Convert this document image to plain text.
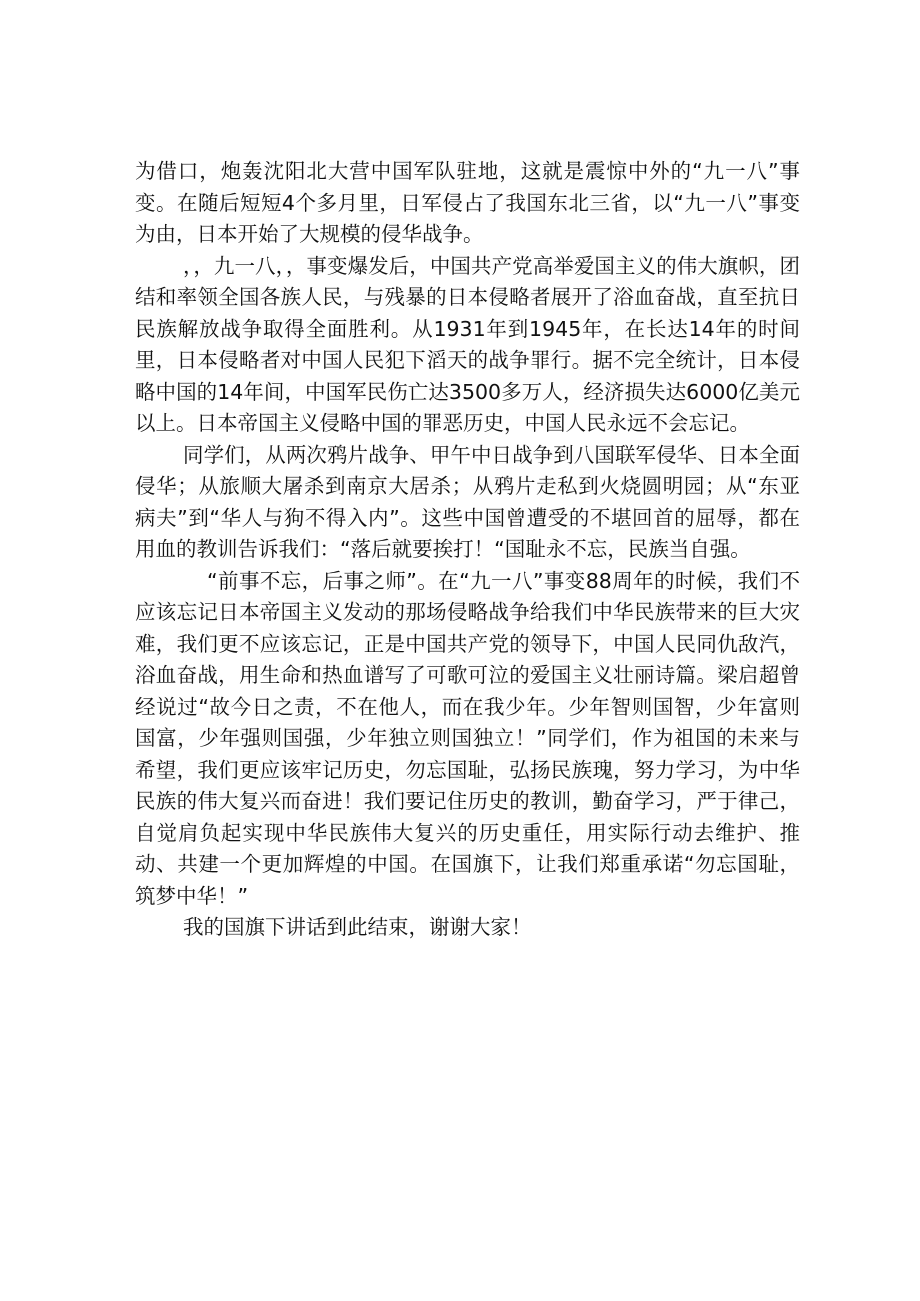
为借口，炮轰沈阳北大营中国军队驻地，这就是震惊中外的“九一八”事变。在随后短短4个多月里，日军侵占了我国东北三省，以“九一八”事变为由，日本开始了大规模的侵华战争。

，，九一八，，事变爆发后，中国共产党高举爱国主义的伟大旗帜，团结和率领全国各族人民，与残暴的日本侵略者展开了浴血奋战，直至抗日民族解放战争取得全面胜利。从1931年到1945年，在长达14年的时间里，日本侵略者对中国人民犯下滔天的战争罪行。据不完全统计，日本侵略中国的14年间，中国军民伤亡达3500多万人，经济损失达6000亿美元以上。日本帝国主义侵略中国的罪恶历史，中国人民永远不会忘记。

同学们，从两次鸦片战争、甲午中日战争到八国联军侵华、日本全面侵华；从旅顺大屠杀到南京大居杀；从鸦片走私到火烧圆明园；从“东亚病夫”到“华人与狗不得入内”。这些中国曾遭受的不堪回首的屈辱，都在用血的教训告诉我们：“落后就要挨打！“国耻永不忘，民族当自强。

“前事不忘，后事之师”。在“九一八”事变88周年的时候，我们不应该忘记日本帝国主义发动的那场侵略战争给我们中华民族带来的巨大灾难，我们更不应该忘记，正是中国共产党的领导下，中国人民同仇敌汽，浴血奋战，用生命和热血谱写了可歌可泣的爱国主义壮丽诗篇。梁启超曾经说过“故今日之责，不在他人，而在我少年。少年智则国智，少年富则国富，少年强则国强，少年独立则国独立！”同学们，作为祖国的未来与希望，我们更应该牢记历史，勿忘国耻，弘扬民族瑰，努力学习，为中华民族的伟大复兴而奋进！我们要记住历史的教训，勤奋学习，严于律己，自觉肩负起实现中华民族伟大复兴的历史重任，用实际行动去维护、推动、共建一个更加辉煌的中国。在国旗下，让我们郑重承诺“勿忘国耻，筑梦中华！”

我的国旗下讲话到此结束，谢谢大家！
